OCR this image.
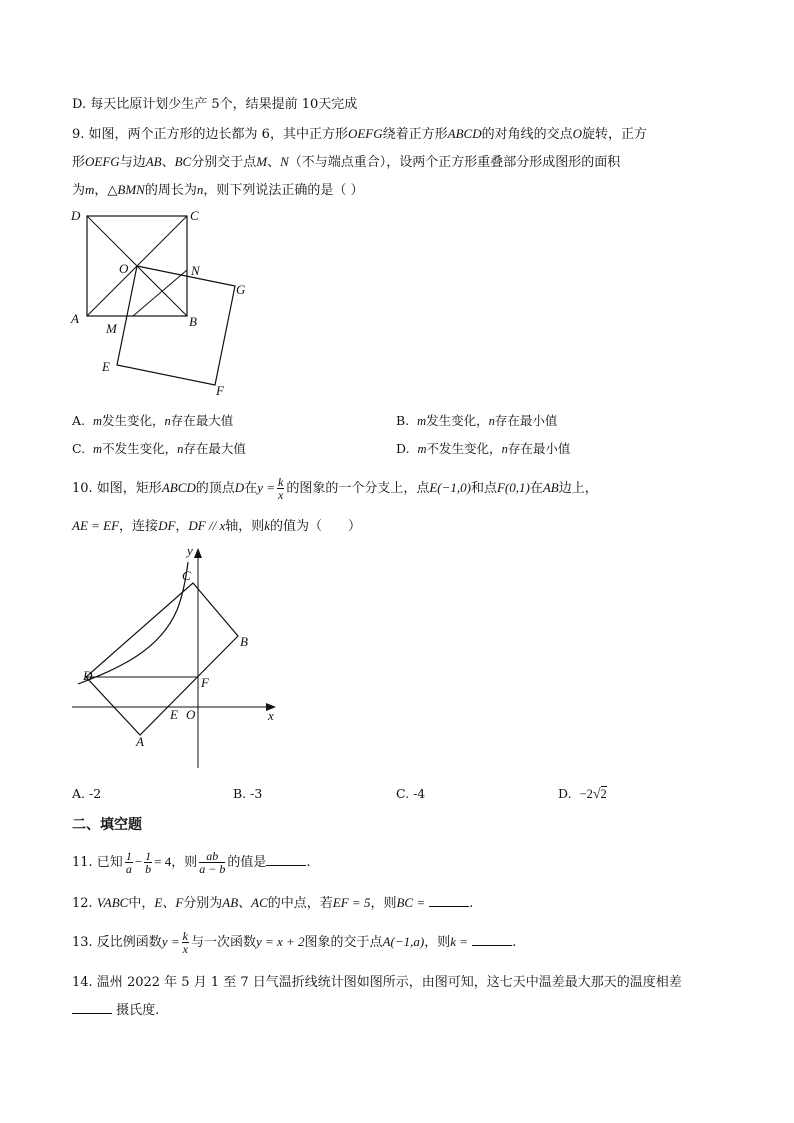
D. 每天比原计划少生产 5个，结果提前 10天完成
9. 如图，两个正方形的边长都为 6，其中正方形OEFG绕着正方形ABCD的对角线的交点O旋转，正方
形OEFG与边AB、BC分别交于点M、N（不与端点重合），设两个正方形重叠部分形成图形的面积
为m，△BMN的周长为n，则下列说法正确的是（ ）
D	C
O	N
G
A
M	B
E
F
A. m发生变化，n存在最大值	B. m发生变化，n存在最小值
C. m不发生变化，n存在最大值	D. m不发生变化，n存在最小值
10. 如图，矩形ABCD的顶点D在$y = \frac{k}{x}$ 的图象的一个分支上，点E(−1,0)和点F(0,1)在AB边上，
AE = EF，连接DF，DF // x轴，则k的值为（　　）
y
x
C
B
D	F
E O
A
A. -2	B. -3	C. -4	D. −2√2
二、填空题
11. 已知 $\frac{1}{a} - \frac{1}{b} = 4$，则 $\frac{ab}{a - b}$ 的值是	.
12. VABC中，E、F分别为AB、AC的中点，若EF = 5，则BC =	.
13. 反比例函数$y = \frac{k}{x}$ 与一次函数y = x + 2图象的交于点A(−1,a)，则k =	.
14. 温州 2022 年 5 月 1 至 7 日气温折线统计图如图所示，由图可知，这七天中温差最大那天的温度相差
摄氏度.
